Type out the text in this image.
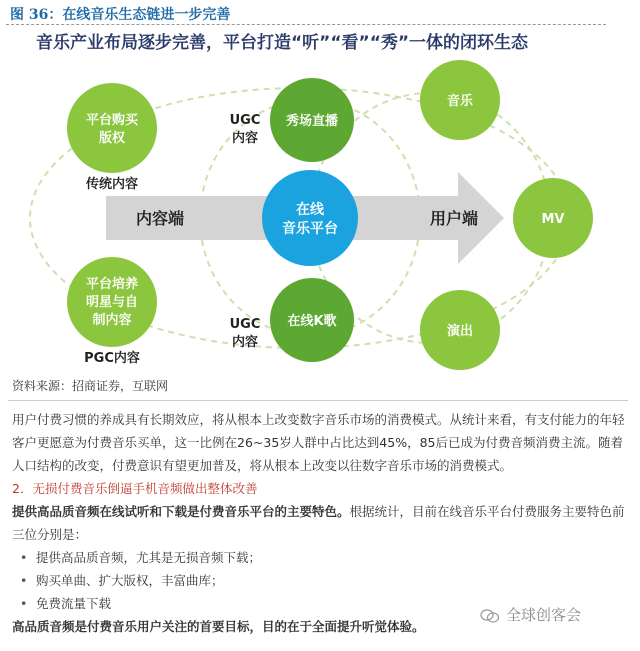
图 36：在线音乐生态链进一步完善
音乐产业布局逐步完善，平台打造“听”“看”“秀”一体的闭环生态
平台购买
版权
传统内容
平台培养
明星与自
制内容
PGC内容
内容端
秀场直播
UGC
内容
在线
音乐平台
在线K歌
UGC
内容
用户端
音乐
MV
演出
资料来源：招商证券，互联网

用户付费习惯的养成具有长期效应，将从根本上改变数字音乐市场的消费模式。从统计来看，有支付能力的年轻客户更愿意为付费音乐买单，这一比例在26~35岁人群中占比达到45%，85后已成为付费音频消费主流。随着人口结构的改变，付费意识有望更加普及，将从根本上改变以往数字音乐市场的消费模式。

2．无损付费音乐倒逼手机音频做出整体改善

提供高品质音频在线试听和下载是付费音乐平台的主要特色。根据统计，目前在线音乐平台付费服务主要特色前三位分别是：

• 提供高品质音频，尤其是无损音频下载；
• 购买单曲、扩大版权，丰富曲库；
• 免费流量下载

高品质音频是付费音乐用户关注的首要目标，目的在于全面提升听觉体验。

全球创客会
